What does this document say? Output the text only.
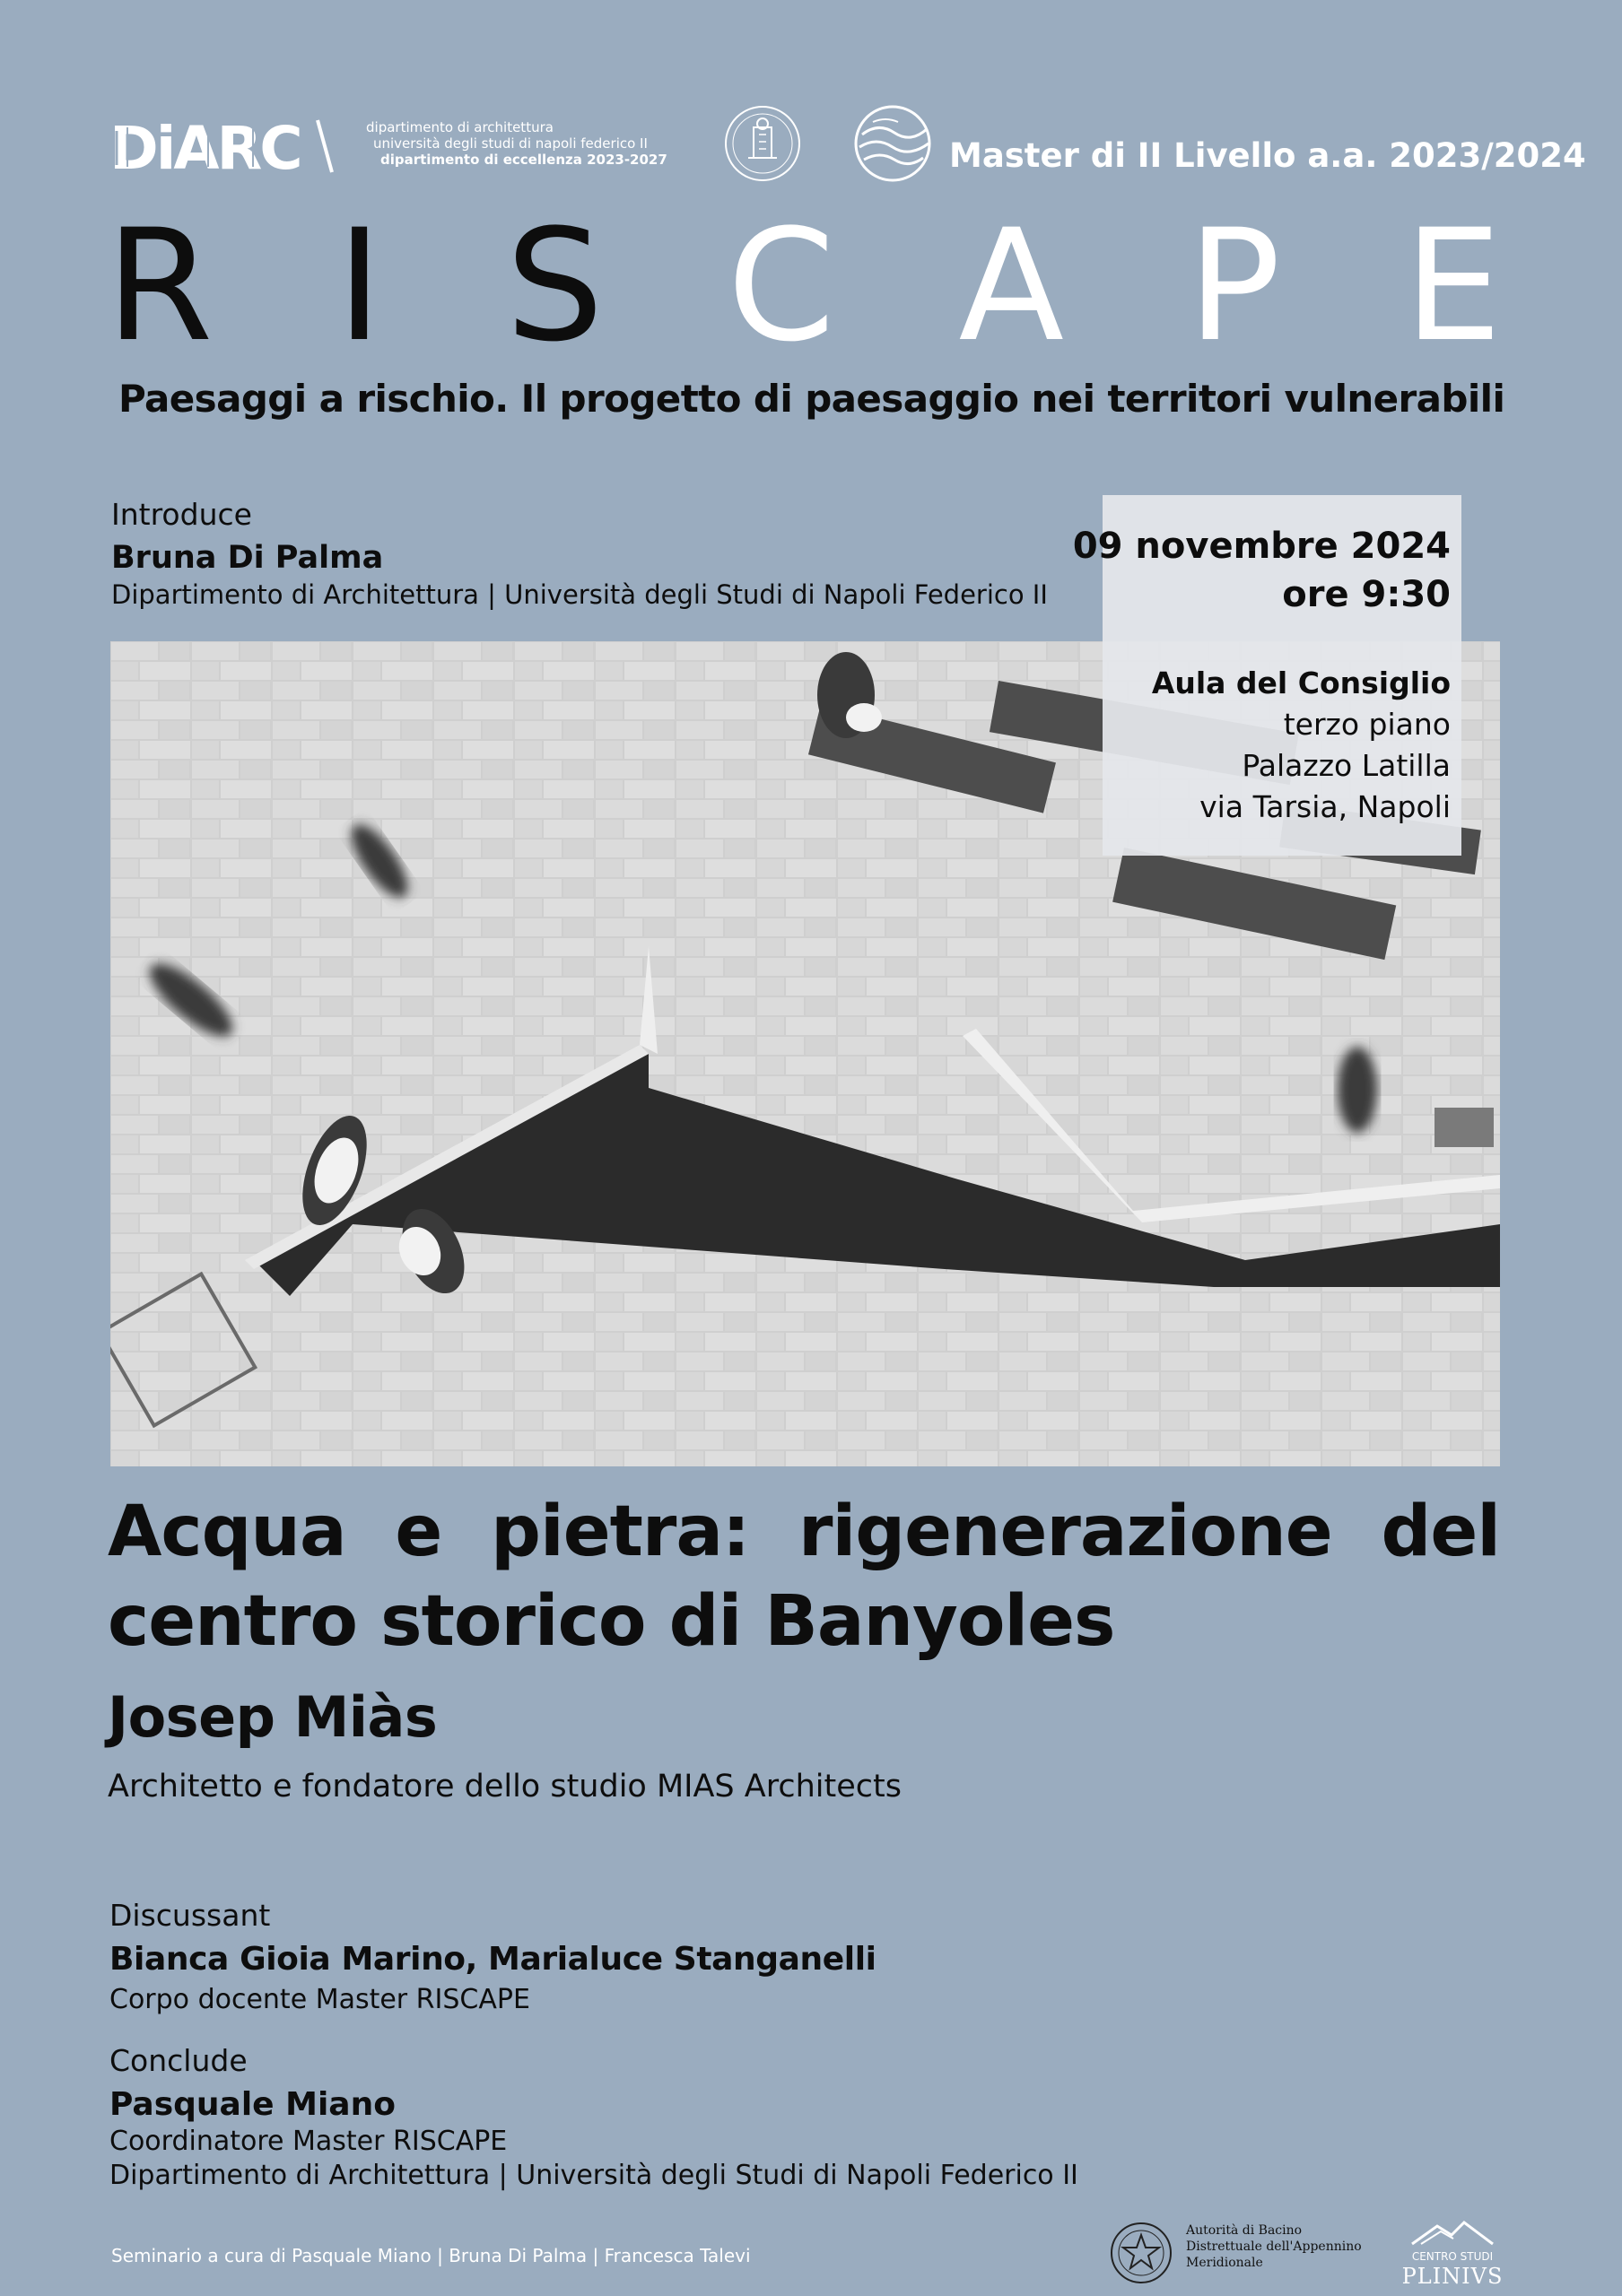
DiARC	dipartimento di architettura
università degli studi di napoli federico II
dipartimento di eccellenza 2023-2027	Master di II Livello a.a. 2023/2024
R I S C A P E
Paesaggi a rischio. Il progetto di paesaggio nei territori vulnerabili
Introduce
Bruna Di Palma
Dipartimento di Architettura | Università degli Studi di Napoli Federico II
09 novembre 2024
ore 9:30
Aula del Consiglio
terzo piano
Palazzo Latilla
via Tarsia, Napoli
Acqua e pietra: rigenerazione del centro storico di Banyoles
Josep Miàs
Architetto e fondatore dello studio MIAS Architects
Discussant
Bianca Gioia Marino, Marialuce Stanganelli
Corpo docente Master RISCAPE
Conclude
Pasquale Miano
Coordinatore Master RISCAPE
Dipartimento di Architettura | Università degli Studi di Napoli Federico II
Seminario a cura di Pasquale Miano | Bruna Di Palma | Francesca Talevi
Autorità di Bacino
Distrettuale dell'Appennino
Meridionale	CENTRO STUDI
PLINIVS
